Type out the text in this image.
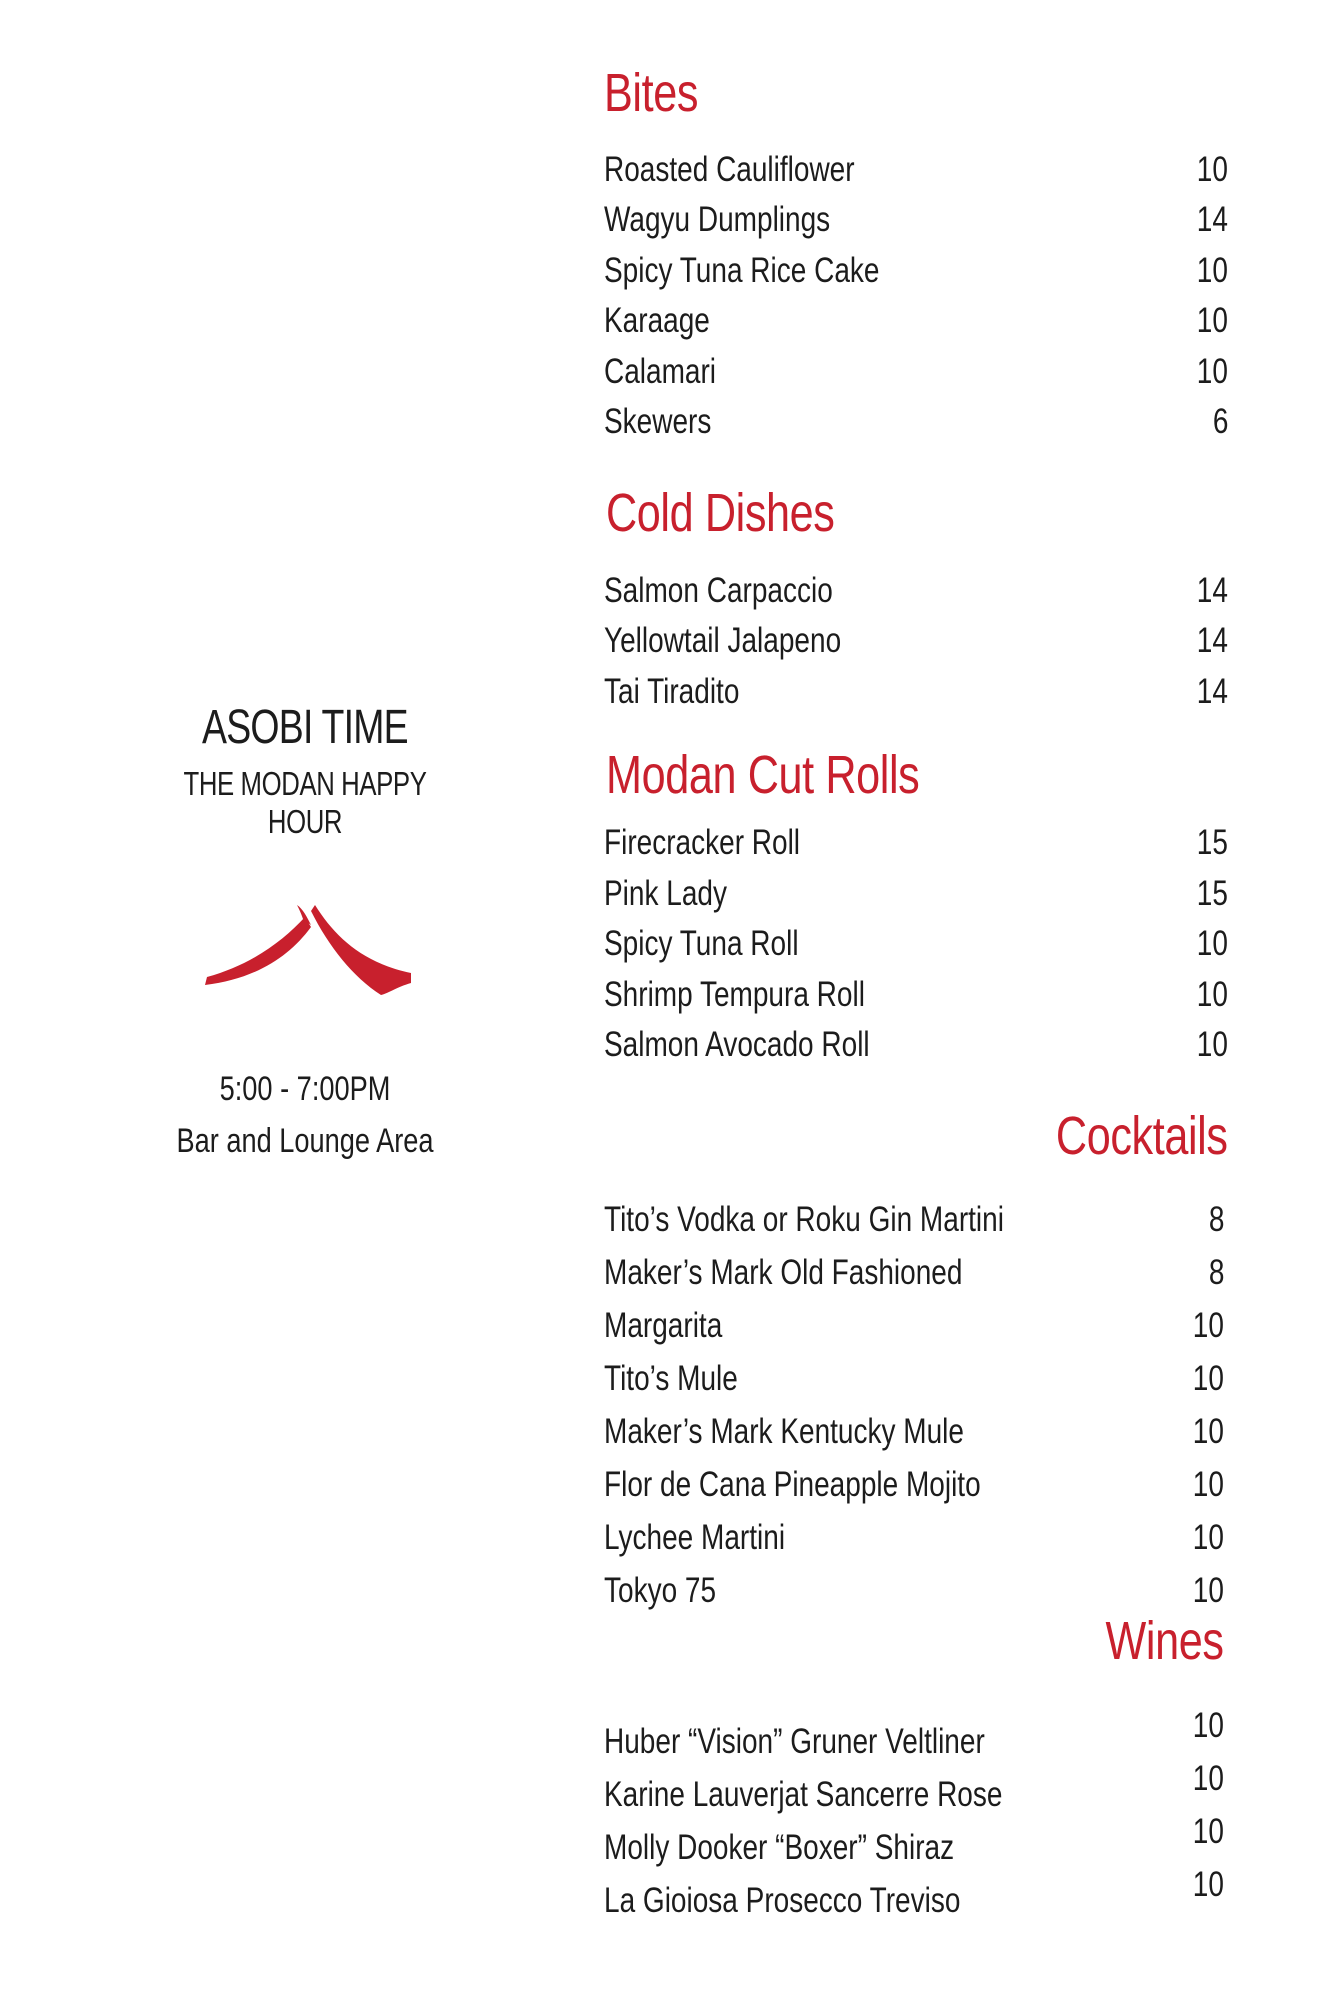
ASOBI TIME
THE MODAN HAPPY HOUR
5:00 - 7:00PM
Bar and Lounge Area
Bites
Roasted Cauliflower	10
Wagyu Dumplings	14
Spicy Tuna Rice Cake	10
Karaage	10
Calamari	10
Skewers	6
Cold Dishes
Salmon Carpaccio	14
Yellowtail Jalapeno	14
Tai Tiradito	14
Modan Cut Rolls
Firecracker Roll	15
Pink Lady	15
Spicy Tuna Roll	10
Shrimp Tempura Roll	10
Salmon Avocado Roll	10
Cocktails
Tito’s Vodka or Roku Gin Martini	8
Maker’s Mark Old Fashioned	8
Margarita	10
Tito’s Mule	10
Maker’s Mark Kentucky Mule	10
Flor de Cana Pineapple Mojito	10
Lychee Martini	10
Tokyo 75	10
Wines
Huber “Vision” Gruner Veltliner	10
Karine Lauverjat Sancerre Rose	10
Molly Dooker “Boxer” Shiraz	10
La Gioiosa Prosecco Treviso	10
